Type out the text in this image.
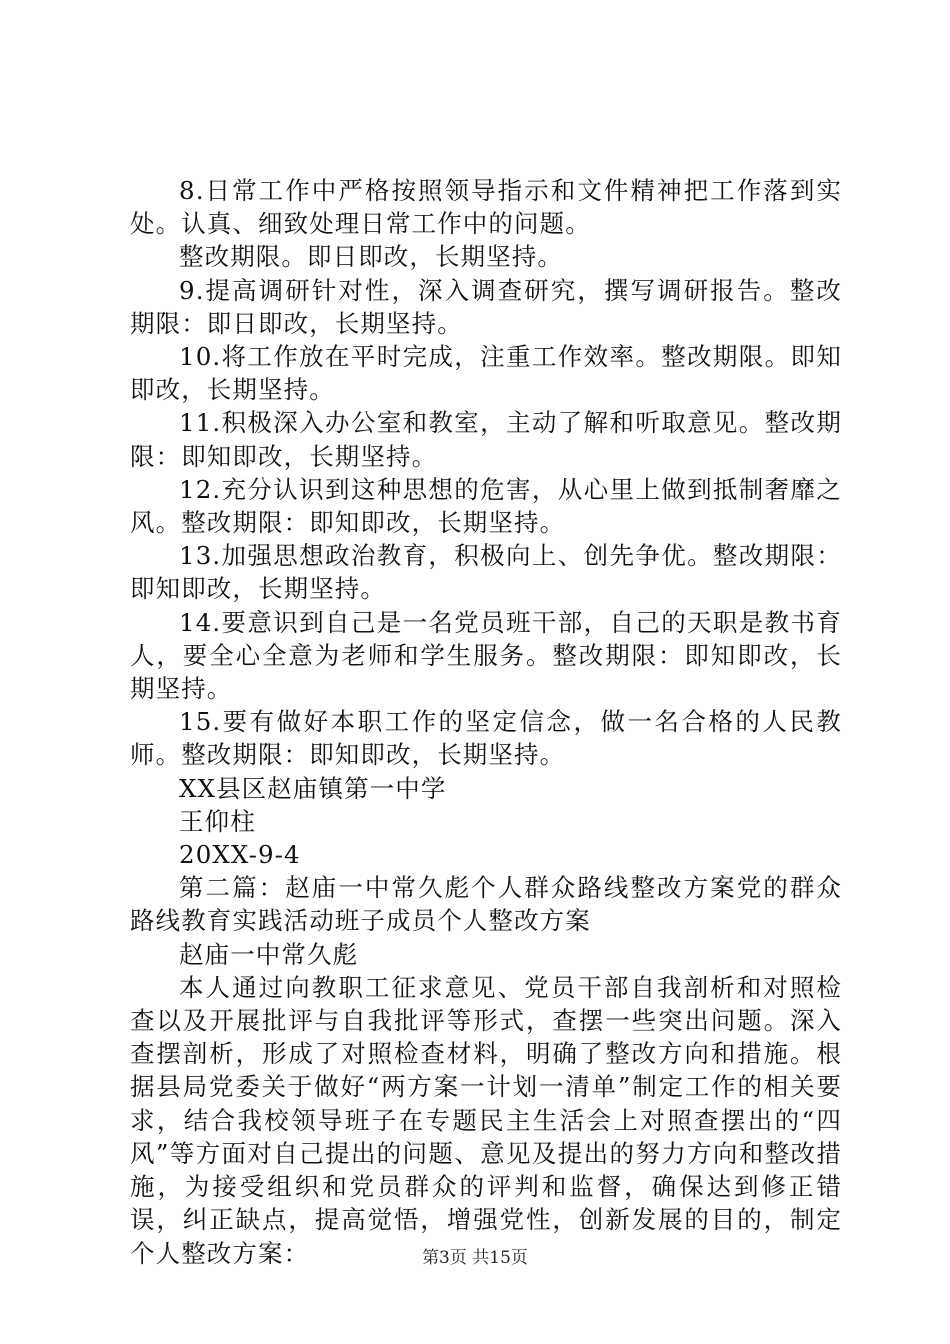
8.日常工作中严格按照领导指示和文件精神把工作落到实处。认真、细致处理日常工作中的问题。

整改期限。即日即改，长期坚持。

9.提高调研针对性，深入调查研究，撰写调研报告。整改期限：即日即改，长期坚持。

10.将工作放在平时完成，注重工作效率。整改期限。即知即改，长期坚持。

11.积极深入办公室和教室，主动了解和听取意见。整改期限：即知即改，长期坚持。

12.充分认识到这种思想的危害，从心里上做到抵制奢靡之风。整改期限：即知即改，长期坚持。

13.加强思想政治教育，积极向上、创先争优。整改期限：即知即改，长期坚持。

14.要意识到自己是一名党员班干部，自己的天职是教书育人，要全心全意为老师和学生服务。整改期限：即知即改，长期坚持。

15.要有做好本职工作的坚定信念，做一名合格的人民教师。整改期限：即知即改，长期坚持。

XX县区赵庙镇第一中学

王仰柱

20XX-9-4

第二篇：赵庙一中常久彪个人群众路线整改方案党的群众路线教育实践活动班子成员个人整改方案

赵庙一中常久彪

本人通过向教职工征求意见、党员干部自我剖析和对照检查以及开展批评与自我批评等形式，查摆一些突出问题。深入查摆剖析，形成了对照检查材料，明确了整改方向和措施。根据县局党委关于做好“两方案一计划一清单”制定工作的相关要求，结合我校领导班子在专题民主生活会上对照查摆出的“四风”等方面对自己提出的问题、意见及提出的努力方向和整改措施，为接受组织和党员群众的评判和监督，确保达到修正错误，纠正缺点，提高觉悟，增强党性，创新发展的目的，制定个人整改方案：	第3页 共15页
